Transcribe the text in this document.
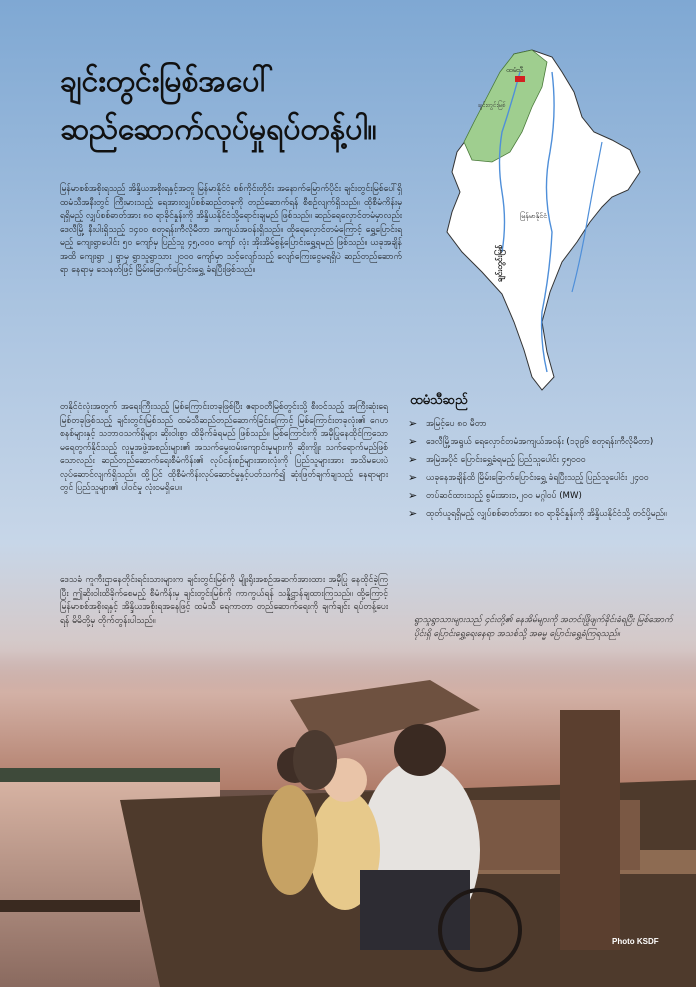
ချင်းတွင်းမြစ်အပေါ်
ဆည်ဆောက်လုပ်မှုရပ်တန့်ပါ။
ထမံသီ
ချင်းတွင်းမြစ်
မြန်မာနိုင်ငံ
ချင်းတွင်းမြစ်

မြန်မာစစ်အစိုးရသည် အိန္ဒိယအစိုးရနှင့်အတူ မြန်မာနိုင်ငံ စစ်ကိုင်းတိုင်း အနောက်မြောက်ပိုင်း ချင်းတွင်းမြစ်ပေါ်ရှိ ထမံသီအနီးတွင် ကြီးမားသည့် ရေအားလျှပ်စစ်ဆည်တခုကို တည်ဆောက်ရန် စီစဉ်လျက်ရှိသည်။ ထိုစီမံကိန်းမှ ရရှိမည့် လျှပ်စစ်ဓာတ်အား ၈၀ ရာခိုင်နှုန်းကို အိန္ဒိယနိုင်ငံသို့ရောင်းချမည် ဖြစ်သည်။ ဆည်ရေလှောင်တမံမှာလည်း ဒေလီမြို့ နီးပါးရှိသည့် ၁၄၀၀ စတုရန်းကီလိုမီတာ အကျယ်အဝန်းရှိသည်။ ထိုရေလှောင်တမံကြောင့် ရွှေ့ပြောင်းရမည့် ကျေးရွာပေါင်း ၅၀ ကျော်မှ ပြည်သူ ၄၅,၀၀၀ ကျော် လုံး အိုးအိမ်စွန့်ပြောင်းရွှေ့ရမည် ဖြစ်သည်။ ယခုအချိန်အထိ ကျေးရွာ ၂ ရွာမှ ရွာသူရွာသား ၂၀၀၀ ကျော်မှာ သင့်လျော်သည့် လျော်ကြေးငွေမရရှိပဲ ဆည်တည်ဆောက်ရာ နေရာမှ သေနတ်ဖြင့် မြိမ်းခြောက်ပြောင်းရွှေ့ ခံရပြီးဖြစ်သည်။

တနိုင်ငံလုံးအတွက် အရေးကြီးသည့် မြစ်ကြောင်းတခုဖြစ်ပြီး ဧရာဝတီမြစ်တွင်းသို့ စီးဝင်သည့် အကြီးဆုံးရေမြစ်တခုဖြစ်သည့် ချင်းတွင်းမြစ်သည် ထမံသီဆည်တည်ဆောက်ခြင်းကြောင့် မြစ်ကြောင်းတခုလုံး၏ ဂေဟစနစ်များနှင့် သဘာဝသက်ရှိများ ဆိုးဝါးစွာ ထိခိုက်ခံရမည် ဖြစ်သည်။ မြစ်ကြောင်းကို အမှီပြုနေထိုင်ကြသော မရေတွက်နိုင်သည့် လူမှုအဖွဲ့အစည်းများ၏ အသက်မွေးဝမ်းကျောင်းမှုများကို ဆိုးကျိုး သက်ရောက်မည်ဖြစ်သောလည်း ဆည်တည်ဆောက်ရေးစီမံကိန်း၏ လုပ်ငန်းစဉ်များအားလုံးကို ပြည်သူများအား အသိမပေးပဲ လုပ်ဆောင်လျက်ရှိသည်။ ထို့ပြင် ထိုစီမံကိန်းလုပ်ဆောင်မှုနှင့်ပတ်သက်၍ ဆုံးဖြတ်ချက်ချသည့် နေရာများတွင် ပြည်သူများ၏ ပါဝင်မှု လုံးဝမရှိပေ။

ဒေသခံ ကူကီးဌာနေတိုင်းရင်းသားများက ချင်းတွင်းမြစ်ကို မျိုးရိုးအစဉ်အဆက်အားထား အမှီပြု နေထိုင်ခဲ့ကြပြီး ဤဆိုးဝါးထိခိုက်စေမည့် စီမံကိန်းမှ ချင်းတွင်းမြစ်ကို ကာကွယ်ရန် သန္နိဋ္ဌာန်ချထားကြသည်။ ထို့ကြောင့် မြန်မာစစ်အစိုးရနှင့် အိန္ဒိယအစိုးရအနေဖြင့် ထမံသီ ရေကာတာ တည်ဆောက်ရေးကို ချက်ချင်း ရပ်တန့်ပေးရန် မိမိတို့မှ တိုက်တွန်းပါသည်။

ထမံသီဆည်
➢ အမြင့်ပေ ၈၀ မီတာ
➢ ဒေလီမြို့အရွယ် ရေလှောင်တမံအကျယ်အဝန်း (၁၃၉၆ စတုရန်းကီလိုမီတာ)
➢ အမြဲအပိုင် ပြောင်းရွှေ့ခံရမည့် ပြည်သူပေါင်း ၄၅၀၀၀
➢ ယခုနေအချိန်ထိ မြိမ်းခြောက်ပြောင်းရွှေ့ ခံရပြီးသည့် ပြည်သူပေါင်း ၂၄၀၀
➢ တပ်ဆင်ထားသည့် စွမ်းအား၁,၂၀၀ မဂ္ဂါဝပ် (MW)
➢ ထုတ်ယူရရှိမည့် လျှပ်စစ်ဓာတ်အား ၈၀ ရာခိုင်နှုန်းကို အိန္ဒိယနိုင်ငံသို့ တင်ပို့မည်။
ရွာသူရွာသားများသည် ၄င်းတို့၏ နေအိမ်များကို အတင်းဖြိုဖျက်ခိုင်းခံရပြီး မြစ်အောက်ပိုင်းရှိ ပြောင်းရွှေ့ရေးနေရာ အသစ်သို့ အဓမ္မ ပြောင်းရွှေ့ခံကြရသည်။
Photo KSDF
